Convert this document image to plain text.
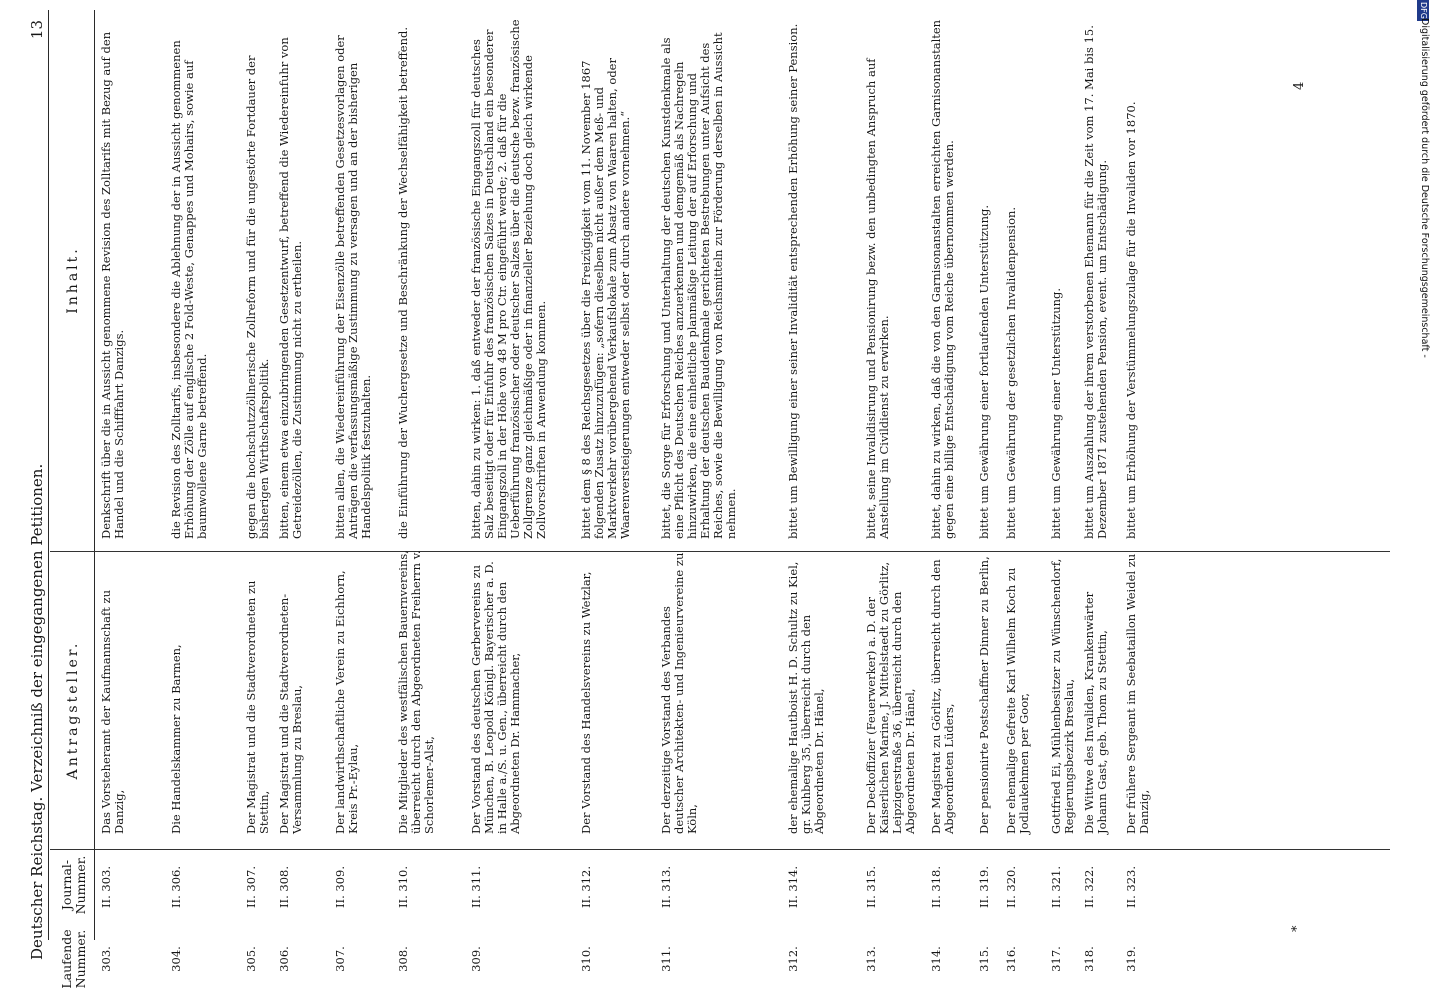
Deutscher Reichstag. Verzeichniß der eingegangenen Petitionen.
13
Laufende Nummer.
Journal-Nummer.
Antragsteller.
Inhalt.
303.
II. 303.
Das Vorsteheramt der Kaufmannschaft zu Danzig,
Denkschrift über die in Aussicht genommene Revision des Zolltarifs mit Bezug auf den Handel und die Schifffahrt Danzigs.
304.
II. 306.
Die Handelskammer zu Barmen,
die Revision des Zolltarifs, insbesondere die Ablehnung der in Aussicht genommenen Erhöhung der Zölle auf englische 2 Fold-Weste, Genappes und Mohairs, sowie auf baumwollene Garne betreffend.
305.
II. 307.
Der Magistrat und die Stadtverordneten zu Stettin,
gegen die hochschutzzöllnerische Zollreform und für die ungestörte Fortdauer der bisherigen Wirthschaftspolitik.
306.
II. 308.
Der Magistrat und die Stadtverordneten-Versammlung zu Breslau,
bitten, einem etwa einzubringenden Gesetzentwurf, betreffend die Wiedereinfuhr von Getreidezöllen, die Zustimmung nicht zu ertheilen.
307.
II. 309.
Der landwirthschaftliche Verein zu Eichhorn, Kreis Pr.-Eylau,
bitten allen, die Wiedereinführung der Eisenzölle betreffenden Gesetzesvorlagen oder Anträgen die verfassungsmäßige Zustimmung zu versagen und an der bisherigen Handelspolitik festzuhalten.
308.
II. 310.
Die Mitglieder des westfälischen Bauernvereins, überreicht durch den Abgeordneten Freiherrn v. Schorlemer-Alst,
die Einführung der Wuchergesetze und Beschränkung der Wechselfähigkeit betreffend.
309.
II. 311.
Der Vorstand des deutschen Gerbervereins zu München, B. Leopold Königl. Bayerischer a. D. in Halle a./S. u. Gen., überreicht durch den Abgeordneten Dr. Hammacher,
bitten, dahin zu wirken: 1. daß entweder der französische Eingangszoll für deutsches Salz beseitigt oder für Einfuhr des französischen Salzes in Deutschland ein besonderer Eingangszoll in der Höhe von 48 M pro Ctr. eingeführt werde; 2. daß für die Ueberführung französischer oder deutscher Salzes über die deutsche bezw. französische Zollgrenze ganz gleichmäßige oder in finanzieller Beziehung doch gleich wirkende Zollvorschriften in Anwendung kommen.
310.
II. 312.
Der Vorstand des Handelsvereins zu Wetzlar,
bittet dem § 8 des Reichsgesetzes über die Freizügigkeit vom 11. November 1867 folgenden Zusatz hinzuzufügen: „sofern dieselben nicht außer dem Meß- und Marktverkehr vorübergehend Verkaufslokale zum Absatz von Waaren halten, oder Waarenversteigerungen entweder selbst oder durch andere vornehmen.“
311.
II. 313.
Der derzeitige Vorstand des Verbandes deutscher Architekten- und Ingenieurvereine zu Köln,
bittet, die Sorge für Erforschung und Unterhaltung der deutschen Kunstdenkmale als eine Pflicht des Deutschen Reiches anzuerkennen und demgemäß als Nachregeln hinzuwirken, die eine einheitliche planmäßige Leitung der auf Erforschung und Erhaltung der deutschen Baudenkmale gerichteten Bestrebungen unter Aufsicht des Reiches, sowie die Bewilligung von Reichsmitteln zur Förderung derselben in Aussicht nehmen.
312.
II. 314.
der ehemalige Hautboist H. D. Schultz zu Kiel, gr. Kuhberg 35, überreicht durch den Abgeordneten Dr. Hänel,
bittet um Bewilligung einer seiner Invalidität entsprechenden Erhöhung seiner Pension.
313.
II. 315.
Der Deckoffizier (Feuerwerker) a. D. der Kaiserlichen Marine, J. Mittelstaedt zu Görlitz, Leipzigerstraße 36, überreicht durch den Abgeordneten Dr. Hänel,
bittet, seine Invalidisirung und Pensionirung bezw. den unbedingten Anspruch auf Anstellung im Civildienst zu erwirken.
314.
II. 318.
Der Magistrat zu Görlitz, überreicht durch den Abgeordneten Lüders,
bittet, dahin zu wirken, daß die von den Garnisonanstalten erreichten Garnisonanstalten gegen eine billige Entschädigung vom Reiche übernommen werden.
315.
II. 319.
Der pensionirte Postschaffner Dinner zu Berlin,
bittet um Gewährung einer fortlaufenden Unterstützung.
316.
II. 320.
Der ehemalige Gefreite Karl Wilhelm Koch zu Jodlaukehmen per Goor,
bittet um Gewährung der gesetzlichen Invalidenpension.
317.
II. 321.
Gottfried Ei, Mühlenbesitzer zu Wünschendorf, Regierungsbezirk Breslau,
bittet um Gewährung einer Unterstützung.
318.
II. 322.
Die Wittwe des Invaliden, Krankenwärter Johann Gast, geb. Thom zu Stettin,
bittet um Auszahlung der ihrem verstorbenen Ehemann für die Zeit vom 17. Mai bis 15. Dezember 1871 zustehenden Pension, event. um Entschädigung.
319.
II. 323.
Der frühere Sergeant im Seebataillon Weidel zu Danzig,
bittet um Erhöhung der Verstümmelungszulage für die Invaliden vor 1870.
4
*
DFG
Digitalisierung gefördert durch die Deutsche Forschungsgemeinschaft -
